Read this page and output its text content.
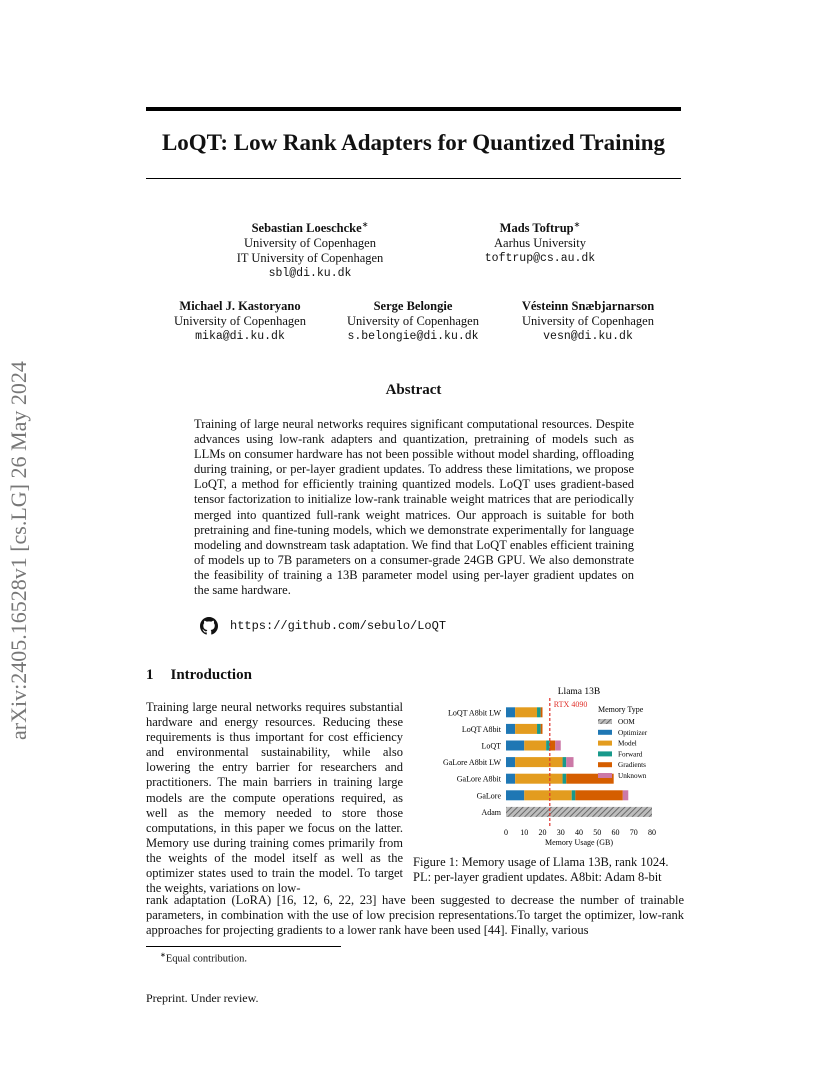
arXiv:2405.16528v1 [cs.LG] 26 May 2024
LoQT: Low Rank Adapters for Quantized Training
Sebastian Loeschcke∗
University of Copenhagen
IT University of Copenhagen
sbl@di.ku.dk
Mads Toftrup∗
Aarhus University
toftrup@cs.au.dk
Michael J. Kastoryano
University of Copenhagen
mika@di.ku.dk
Serge Belongie
University of Copenhagen
s.belongie@di.ku.dk
Vésteinn Snæbjarnarson
University of Copenhagen
vesn@di.ku.dk
Abstract
Training of large neural networks requires significant computational resources. Despite advances using low-rank adapters and quantization, pretraining of models such as LLMs on consumer hardware has not been possible without model sharding, offloading during training, or per-layer gradient updates. To address these limitations, we propose LoQT, a method for efficiently training quantized models. LoQT uses gradient-based tensor factorization to initialize low-rank trainable weight matrices that are periodically merged into quantized full-rank weight matrices. Our approach is suitable for both pretraining and fine-tuning models, which we demonstrate experimentally for language modeling and downstream task adaptation. We find that LoQT enables efficient training of models up to 7B parameters on a consumer-grade 24GB GPU. We also demonstrate the feasibility of training a 13B parameter model using per-layer gradient updates on the same hardware.
https://github.com/sebulo/LoQT
1 Introduction
Training large neural networks requires substantial hardware and energy resources. Reducing these requirements is thus important for cost efficiency and environmental sustainability, while also lowering the entry barrier for researchers and practitioners. The main barriers in training large models are the compute operations required, as well as the memory needed to store those computations, in this paper we focus on the latter. Memory use during training comes primarily from the weights of the model itself as well as the optimizer states used to train the model. To target the weights, variations on low-
Llama 13B
LoQT A8bit LW
LoQT A8bit
LoQT
GaLore A8bit LW
GaLore A8bit
GaLore
Adam
0 10 20 30 40 50 60 70 80
Memory Usage (GB)
RTX 4090
Memory Type
OOM
Optimizer
Model
Forward
Gradients
Unknown
Figure 1: Memory usage of Llama 13B, rank 1024. PL: per-layer gradient updates. A8bit: Adam 8-bit
rank adaptation (LoRA) [16, 12, 6, 22, 23] have been suggested to decrease the number of trainable parameters, in combination with the use of low precision representations.To target the optimizer, low-rank approaches for projecting gradients to a lower rank have been used [44]. Finally, various
∗Equal contribution.
Preprint. Under review.
